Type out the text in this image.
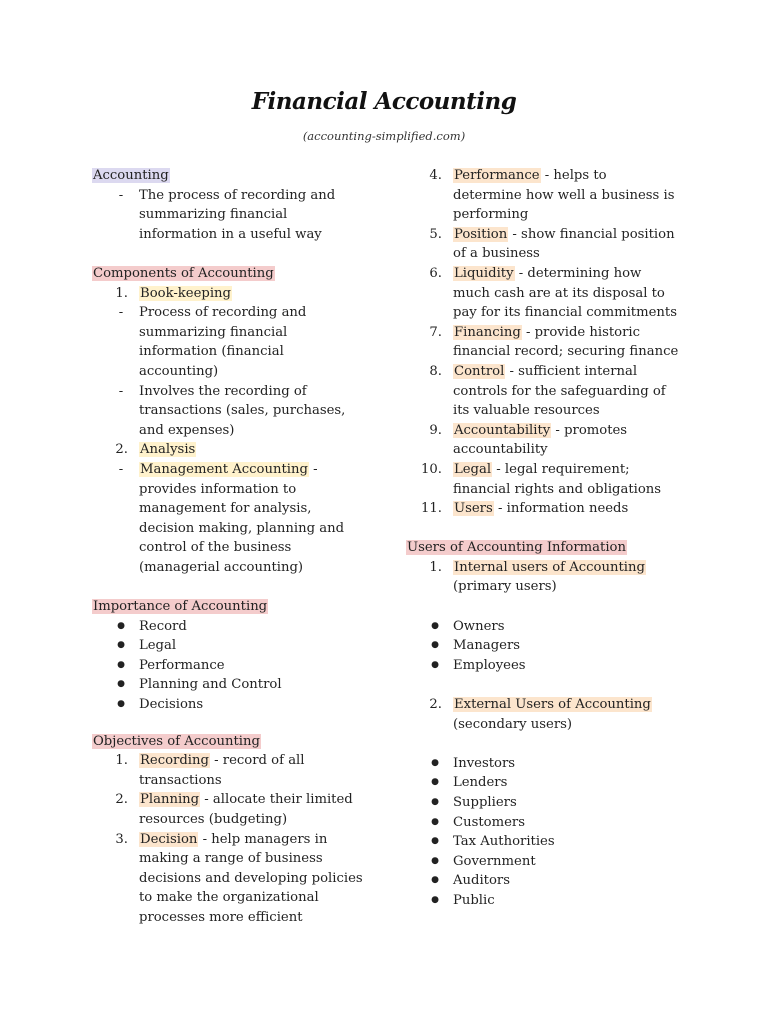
Financial Accounting
(accounting-simplified.com)
Accounting
-	The process of recording and
summarizing financial
information in a useful way
Components of Accounting
1. Book-keeping
-	Process of recording and
summarizing financial
information (financial
accounting)
-	Involves the recording of
transactions (sales, purchases,
and expenses)
2. Analysis
-	Management Accounting -
provides information to
management for analysis,
decision making, planning and
control of the business
(managerial accounting)
Importance of Accounting
● Record
● Legal
● Performance
● Planning and Control
● Decisions
Objectives of Accounting
1. Recording - record of all
transactions
2. Planning - allocate their limited
resources (budgeting)
3. Decision - help managers in
making a range of business
decisions and developing policies
to make the organizational
processes more efficient
4. Performance - helps to
determine how well a business is
performing
5. Position - show financial position
of a business
6. Liquidity - determining how
much cash are at its disposal to
pay for its financial commitments
7. Financing - provide historic
financial record; securing finance
8. Control - sufficient internal
controls for the safeguarding of
its valuable resources
9. Accountability - promotes
accountability
10. Legal - legal requirement;
financial rights and obligations
11. Users - information needs
Users of Accounting Information
1. Internal users of Accounting
(primary users)
● Owners
● Managers
● Employees
2. External Users of Accounting
(secondary users)
● Investors
● Lenders
● Suppliers
● Customers
● Tax Authorities
● Government
● Auditors
● Public
